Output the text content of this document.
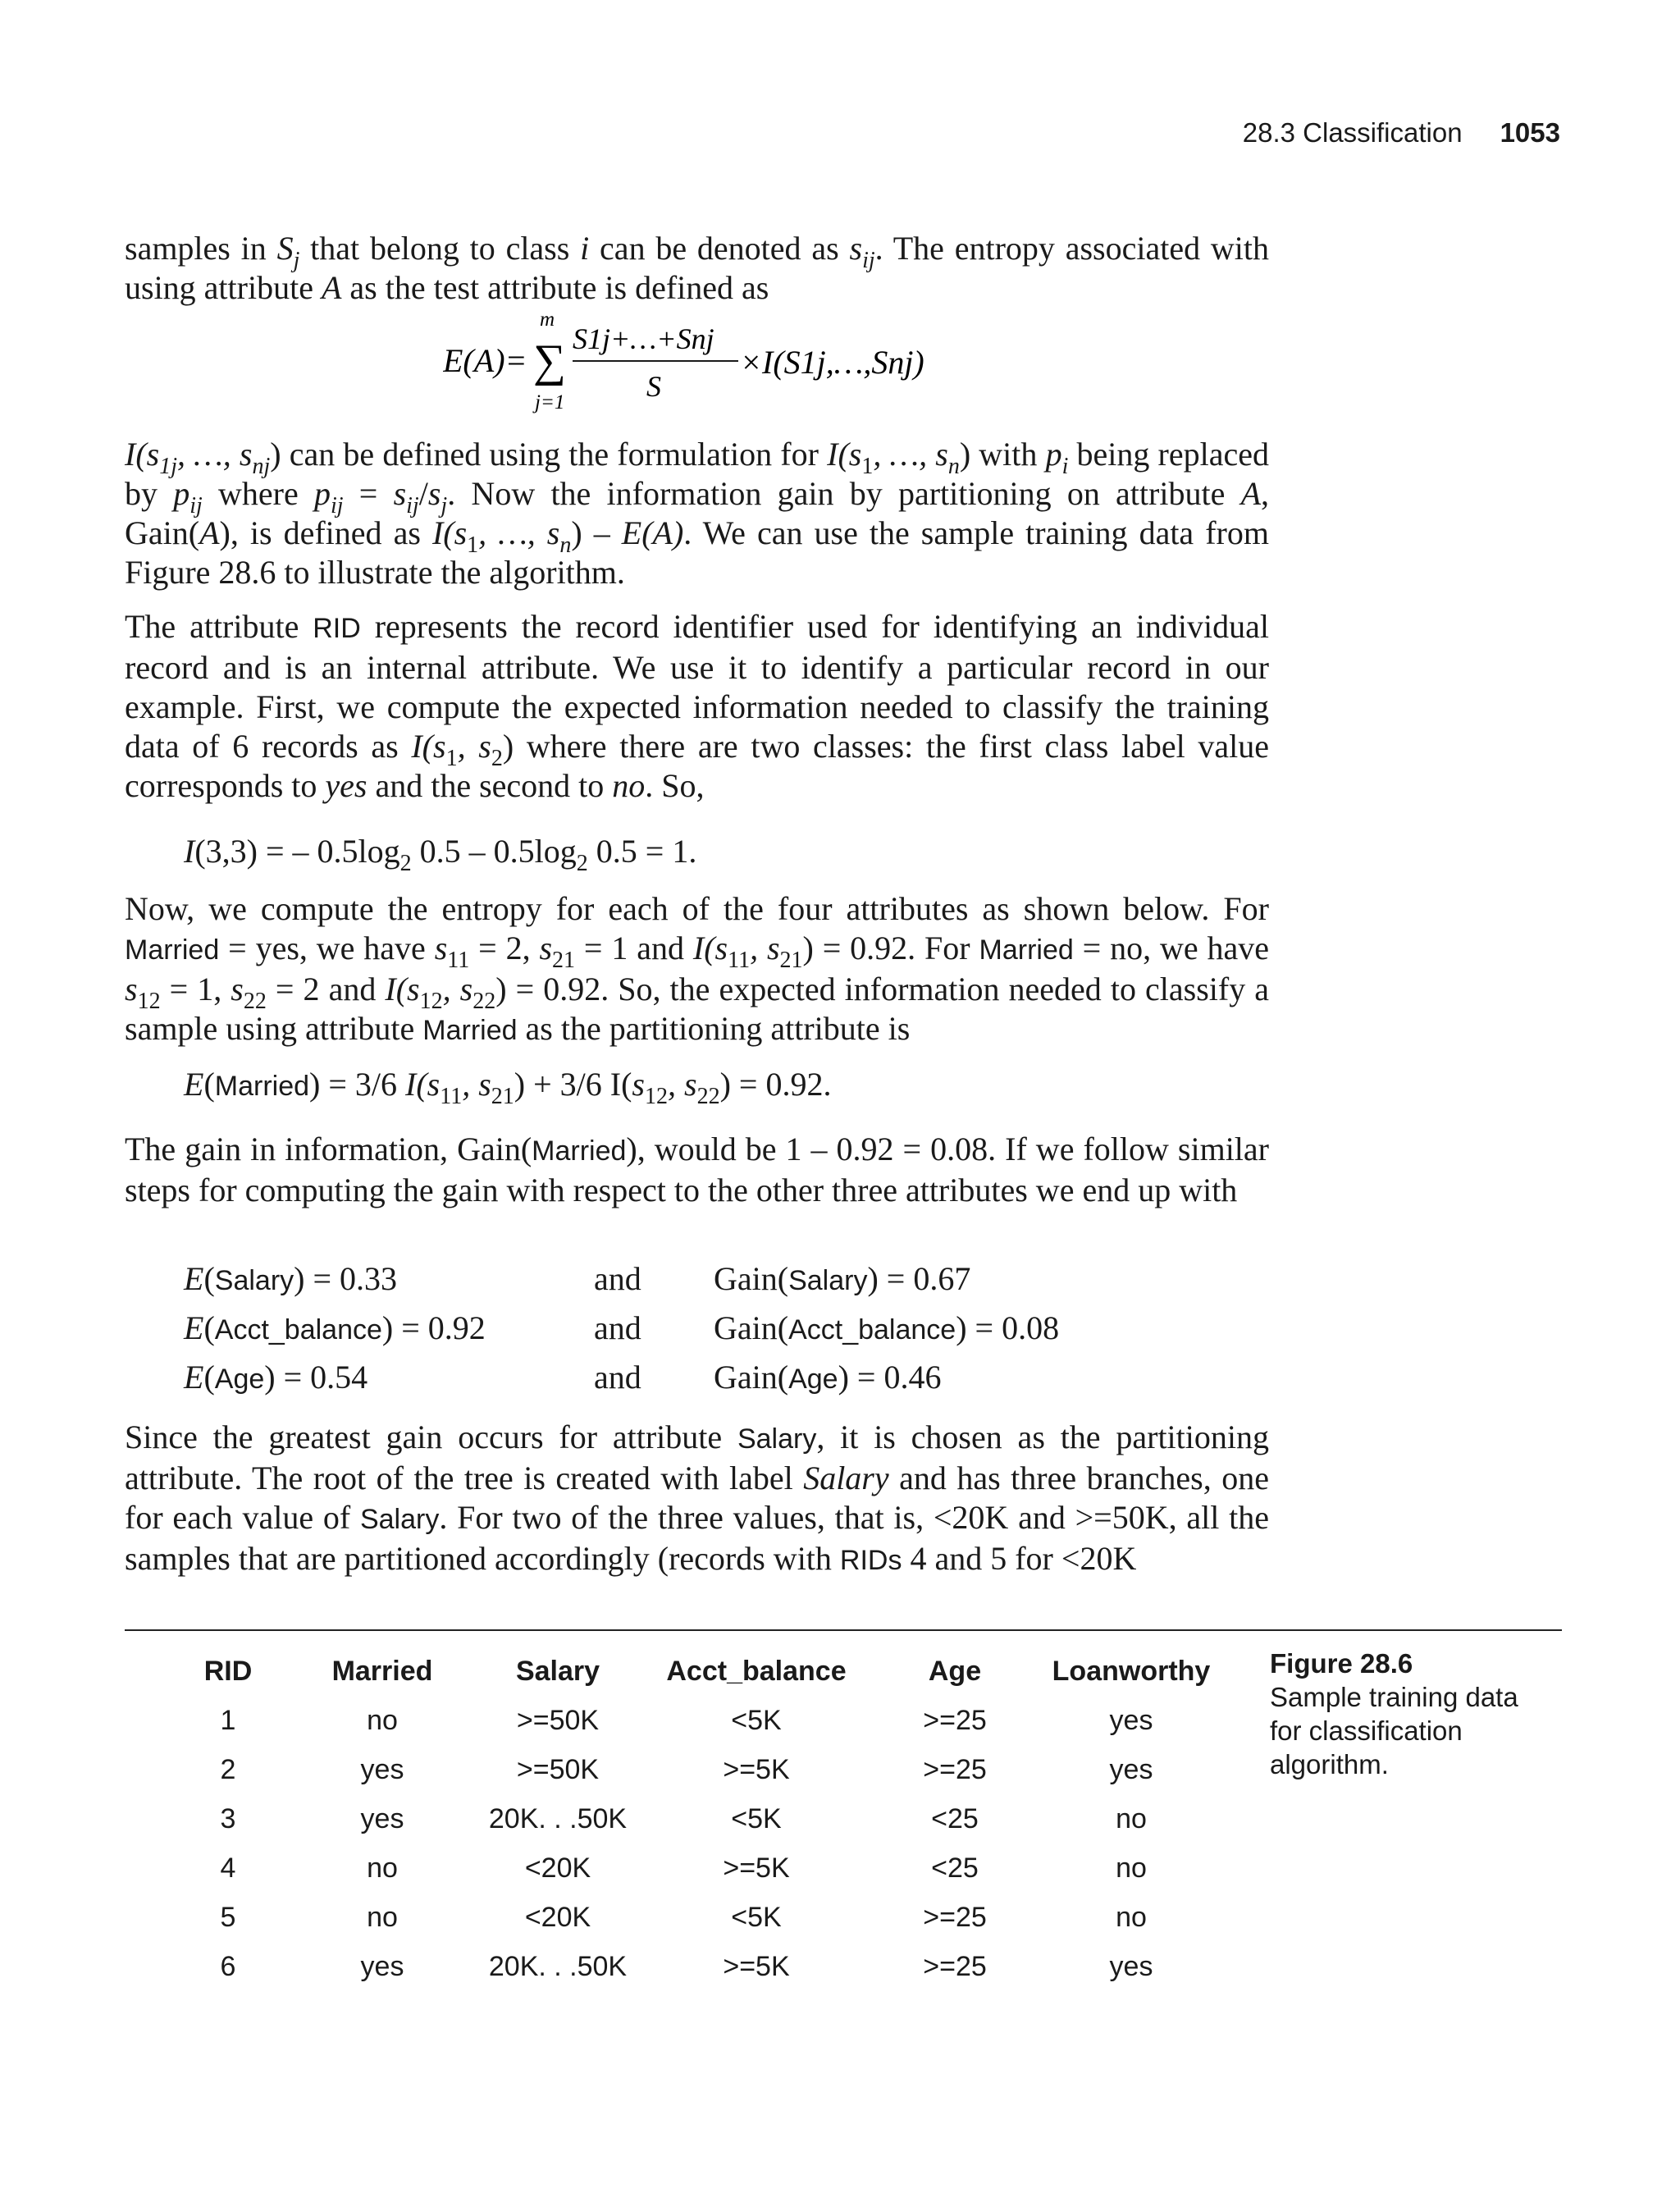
28.3 Classification 1053

samples in $S_j$ that belong to class i can be denoted as $s_{ij}$. The entropy associated with using attribute A as the test attribute is defined as

E(A)=
m
∑
j=1
S1j+…+Snj
S
×I(S1j,…,Snj)

$I(s_{1j}$, …, $s_{nj}$) can be defined using the formulation for $I(s_1$, …, $s_n$) with $p_i$ being replaced by $p_{ij}$ where $p_{ij} = s_{ij}/s_j$. Now the information gain by partitioning on attribute A, Gain(A), is defined as $I(s_1$, …, $s_n) - E(A)$. We can use the sample training data from Figure 28.6 to illustrate the algorithm.

The attribute RID represents the record identifier used for identifying an individual record and is an internal attribute. We use it to identify a particular record in our example. First, we compute the expected information needed to classify the training data of 6 records as $I(s_1$, $s_2$) where there are two classes: the first class label value corresponds to yes and the second to no. So,

I(3,3) = – $0.5\log_2$ $0.5 - 0.5\log_2$ 0.5 = 1.

Now, we compute the entropy for each of the four attributes as shown below. For Married = yes, we have $s_{11} = 2$, $s_{21} = 1$ and $I(s_{11}$, $s_{21}) = 0.92$. For Married = no, we have $s_{12} = 1$, $s_{22} = 2$ and $I(s_{12}$, $s_{22}) = 0.92$. So, the expected information needed to classify a sample using attribute Married as the partitioning attribute is

E(Married) = 3/6 $I(s_{11}$, $s_{21}) + 3/6$ $I(s_{12}$, $s_{22}) = 0.92$.

The gain in information, Gain(Married), would be 1 – 0.92 = 0.08. If we follow similar steps for computing the gain with respect to the other three attributes we end up with

E(Salary) = 0.33	and	Gain(Salary) = 0.67
E(Acct_balance) = 0.92	and	Gain(Acct_balance) = 0.08
E(Age) = 0.54	and	Gain(Age) = 0.46

Since the greatest gain occurs for attribute Salary, it is chosen as the partitioning attribute. The root of the tree is created with label Salary and has three branches, one for each value of Salary. For two of the three values, that is, <20K and >=50K, all the samples that are partitioned accordingly (records with RIDs 4 and 5 for <20K

RID	Married	Salary	Acct_balance	Age	Loanworthy
1	no	>=50K	<5K	>=25	yes
2	yes	>=50K	>=5K	>=25	yes
3	yes	20K. . .50K	<5K	<25	no
4	no	<20K	>=5K	<25	no
5	no	<20K	<5K	>=25	no
6	yes	20K. . .50K	>=5K	>=25	yes
Figure 28.6
Sample training data for classification algorithm.
